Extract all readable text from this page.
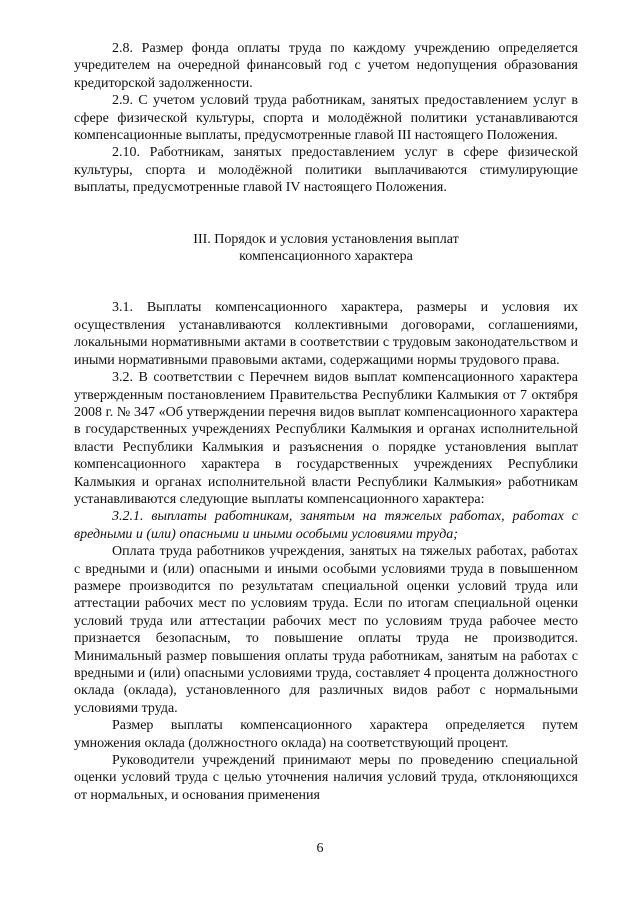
2.8. Размер фонда оплаты труда по каждому учреждению определяется учредителем на очередной финансовый год с учетом недопущения образования кредиторской задолженности.

2.9. С учетом условий труда работникам, занятых предоставлением услуг в сфере физической культуры, спорта и молодёжной политики устанавливаются компенсационные выплаты, предусмотренные главой III настоящего Положения.

2.10. Работникам, занятых предоставлением услуг в сфере физической культуры, спорта и молодёжной политики выплачиваются стимулирующие выплаты, предусмотренные главой IV настоящего Положения.

III. Порядок и условия установления выплат
компенсационного характера

3.1. Выплаты компенсационного характера, размеры и условия их осуществления устанавливаются коллективными договорами, соглашениями, локальными нормативными актами в соответствии с трудовым законодательством и иными нормативными правовыми актами, содержащими нормы трудового права.

3.2. В соответствии с Перечнем видов выплат компенсационного характера утвержденным постановлением Правительства Республики Калмыкия от 7 октября 2008 г. № 347 «Об утверждении перечня видов выплат компенсационного характера в государственных учреждениях Республики Калмыкия и органах исполнительной власти Республики Калмыкия и разъяснения о порядке установления выплат компенсационного характера в государственных учреждениях Республики Калмыкия и органах исполнительной власти Республики Калмыкия» работникам устанавливаются следующие выплаты компенсационного характера:

3.2.1. выплаты работникам, занятым на тяжелых работах, работах с вредными и (или) опасными и иными особыми условиями труда;

Оплата труда работников учреждения, занятых на тяжелых работах, работах с вредными и (или) опасными и иными особыми условиями труда в повышенном размере производится по результатам специальной оценки условий труда или аттестации рабочих мест по условиям труда. Если по итогам специальной оценки условий труда или аттестации рабочих мест по условиям труда рабочее место признается безопасным, то повышение оплаты труда не производится. Минимальный размер повышения оплаты труда работникам, занятым на работах с вредными и (или) опасными условиями труда, составляет 4 процента должностного оклада (оклада), установленного для различных видов работ с нормальными условиями труда.

Размер выплаты компенсационного характера определяется путем умножения оклада (должностного оклада) на соответствующий процент.

Руководители учреждений принимают меры по проведению специальной оценки условий труда с целью уточнения наличия условий труда, отклоняющихся от нормальных, и основания применения

6
